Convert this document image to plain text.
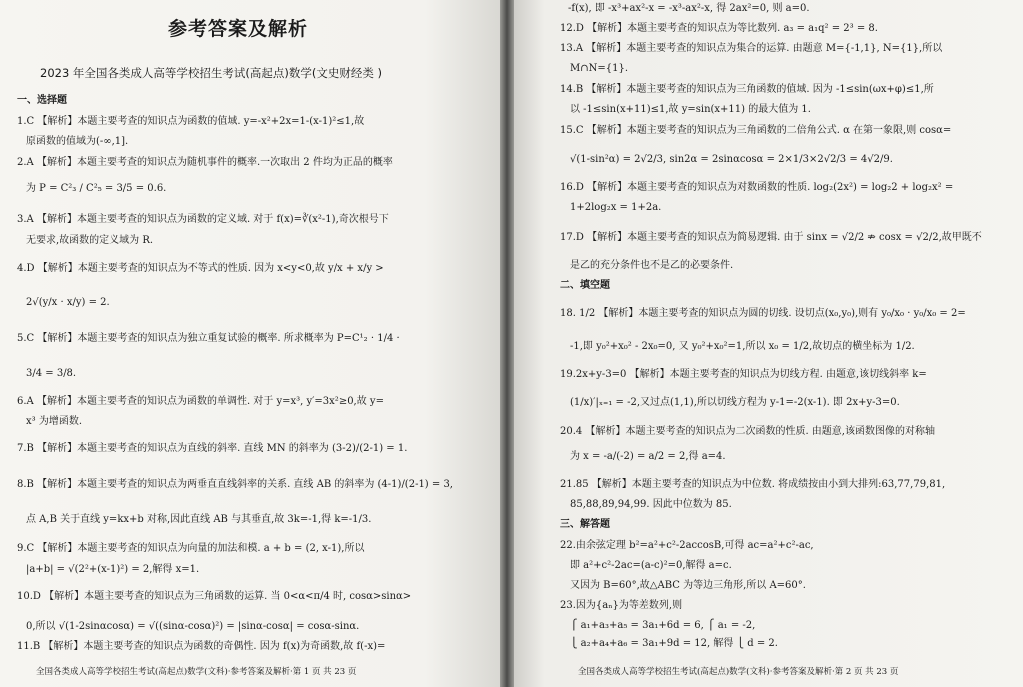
参考答案及解析
2023 年全国各类成人高等学校招生考试(高起点)数学(文史财经类 )
一、选择题
1.C 【解析】本题主要考查的知识点为函数的值域. y=-x²+2x=1-(x-1)²≤1,故
原函数的值域为(-∞,1].
2.A 【解析】本题主要考查的知识点为随机事件的概率.一次取出 2 件均为正品的概率
为 P = C²₃ / C²₅ = 3/5 = 0.6.
3.A 【解析】本题主要考查的知识点为函数的定义域. 对于 f(x)=∛(x²-1),奇次根号下
无要求,故函数的定义域为 R.
4.D 【解析】本题主要考查的知识点为不等式的性质. 因为 x<y<0,故 y/x + x/y >
2√(y/x · x/y) = 2.
5.C 【解析】本题主要考查的知识点为独立重复试验的概率. 所求概率为 P=C¹₂ · 1/4 ·
3/4 = 3/8.
6.A 【解析】本题主要考查的知识点为函数的单调性. 对于 y=x³, y′=3x²≥0,故 y=
x³ 为增函数.
7.B 【解析】本题主要考查的知识点为直线的斜率. 直线 MN 的斜率为 (3-2)/(2-1) = 1.
8.B 【解析】本题主要考查的知识点为两垂直直线斜率的关系. 直线 AB 的斜率为 (4-1)/(2-1) = 3,
点 A,B 关于直线 y=kx+b 对称,因此直线 AB 与其垂直,故 3k=-1,得 k=-1/3.
9.C 【解析】本题主要考查的知识点为向量的加法和模. a + b = (2, x-1),所以
|a+b| = √(2²+(x-1)²) = 2,解得 x=1.
10.D 【解析】本题主要考查的知识点为三角函数的运算. 当 0<α<π/4 时, cosα>sinα>
0,所以 √(1-2sinαcosα) = √((sinα-cosα)²) = |sinα-cosα| = cosα-sinα.
11.B 【解析】本题主要考查的知识点为函数的奇偶性. 因为 f(x)为奇函数,故 f(-x)=
全国各类成人高等学校招生考试(高起点)数学(文科)·参考答案及解析·第 1 页 共 23 页
-f(x), 即 -x³+ax²-x = -x³-ax²-x, 得 2ax²=0, 则 a=0.
12.D 【解析】本题主要考查的知识点为等比数列. a₃ = a₁q² = 2³ = 8.
13.A 【解析】本题主要考查的知识点为集合的运算. 由题意 M={-1,1}, N={1},所以
M∩N={1}.
14.B 【解析】本题主要考查的知识点为三角函数的值域. 因为 -1≤sin(ωx+φ)≤1,所
以 -1≤sin(x+11)≤1,故 y=sin(x+11) 的最大值为 1.
15.C 【解析】本题主要考查的知识点为三角函数的二倍角公式. α 在第一象限,则 cosα=
√(1-sin²α) = 2√2/3, sin2α = 2sinαcosα = 2×1/3×2√2/3 = 4√2/9.
16.D 【解析】本题主要考查的知识点为对数函数的性质. log₂(2x²) = log₂2 + log₂x² =
1+2log₂x = 1+2a.
17.D 【解析】本题主要考查的知识点为简易逻辑. 由于 sinx = √2/2 ⇏ cosx = √2/2,故甲既不
是乙的充分条件也不是乙的必要条件.
二、填空题
18. 1/2 【解析】本题主要考查的知识点为圆的切线. 设切点(x₀,y₀),则有 y₀/x₀ · y₀/x₀ = 2=
-1,即 y₀²+x₀² - 2x₀=0, 又 y₀²+x₀²=1,所以 x₀ = 1/2,故切点的横坐标为 1/2.
19.2x+y-3=0 【解析】本题主要考查的知识点为切线方程. 由题意,该切线斜率 k=
(1/x)′|ₓ₌₁ = -2,又过点(1,1),所以切线方程为 y-1=-2(x-1). 即 2x+y-3=0.
20.4 【解析】本题主要考查的知识点为二次函数的性质. 由题意,该函数图像的对称轴
为 x = -a/(-2) = a/2 = 2,得 a=4.
21.85 【解析】本题主要考查的知识点为中位数. 将成绩按由小到大排列:63,77,79,81,
85,88,89,94,99. 因此中位数为 85.
三、解答题
22.由余弦定理 b²=a²+c²-2accosB,可得 ac=a²+c²-ac,
即 a²+c²-2ac=(a-c)²=0,解得 a=c.
又因为 B=60°,故△ABC 为等边三角形,所以 A=60°.
23.因为{aₙ}为等差数列,则
⎧ a₁+a₃+a₅ = 3a₁+6d = 6, ⎧ a₁ = -2,
⎩ a₂+a₄+a₆ = 3a₁+9d = 12, 解得 ⎩ d = 2.
全国各类成人高等学校招生考试(高起点)数学(文科)·参考答案及解析·第 2 页 共 23 页
